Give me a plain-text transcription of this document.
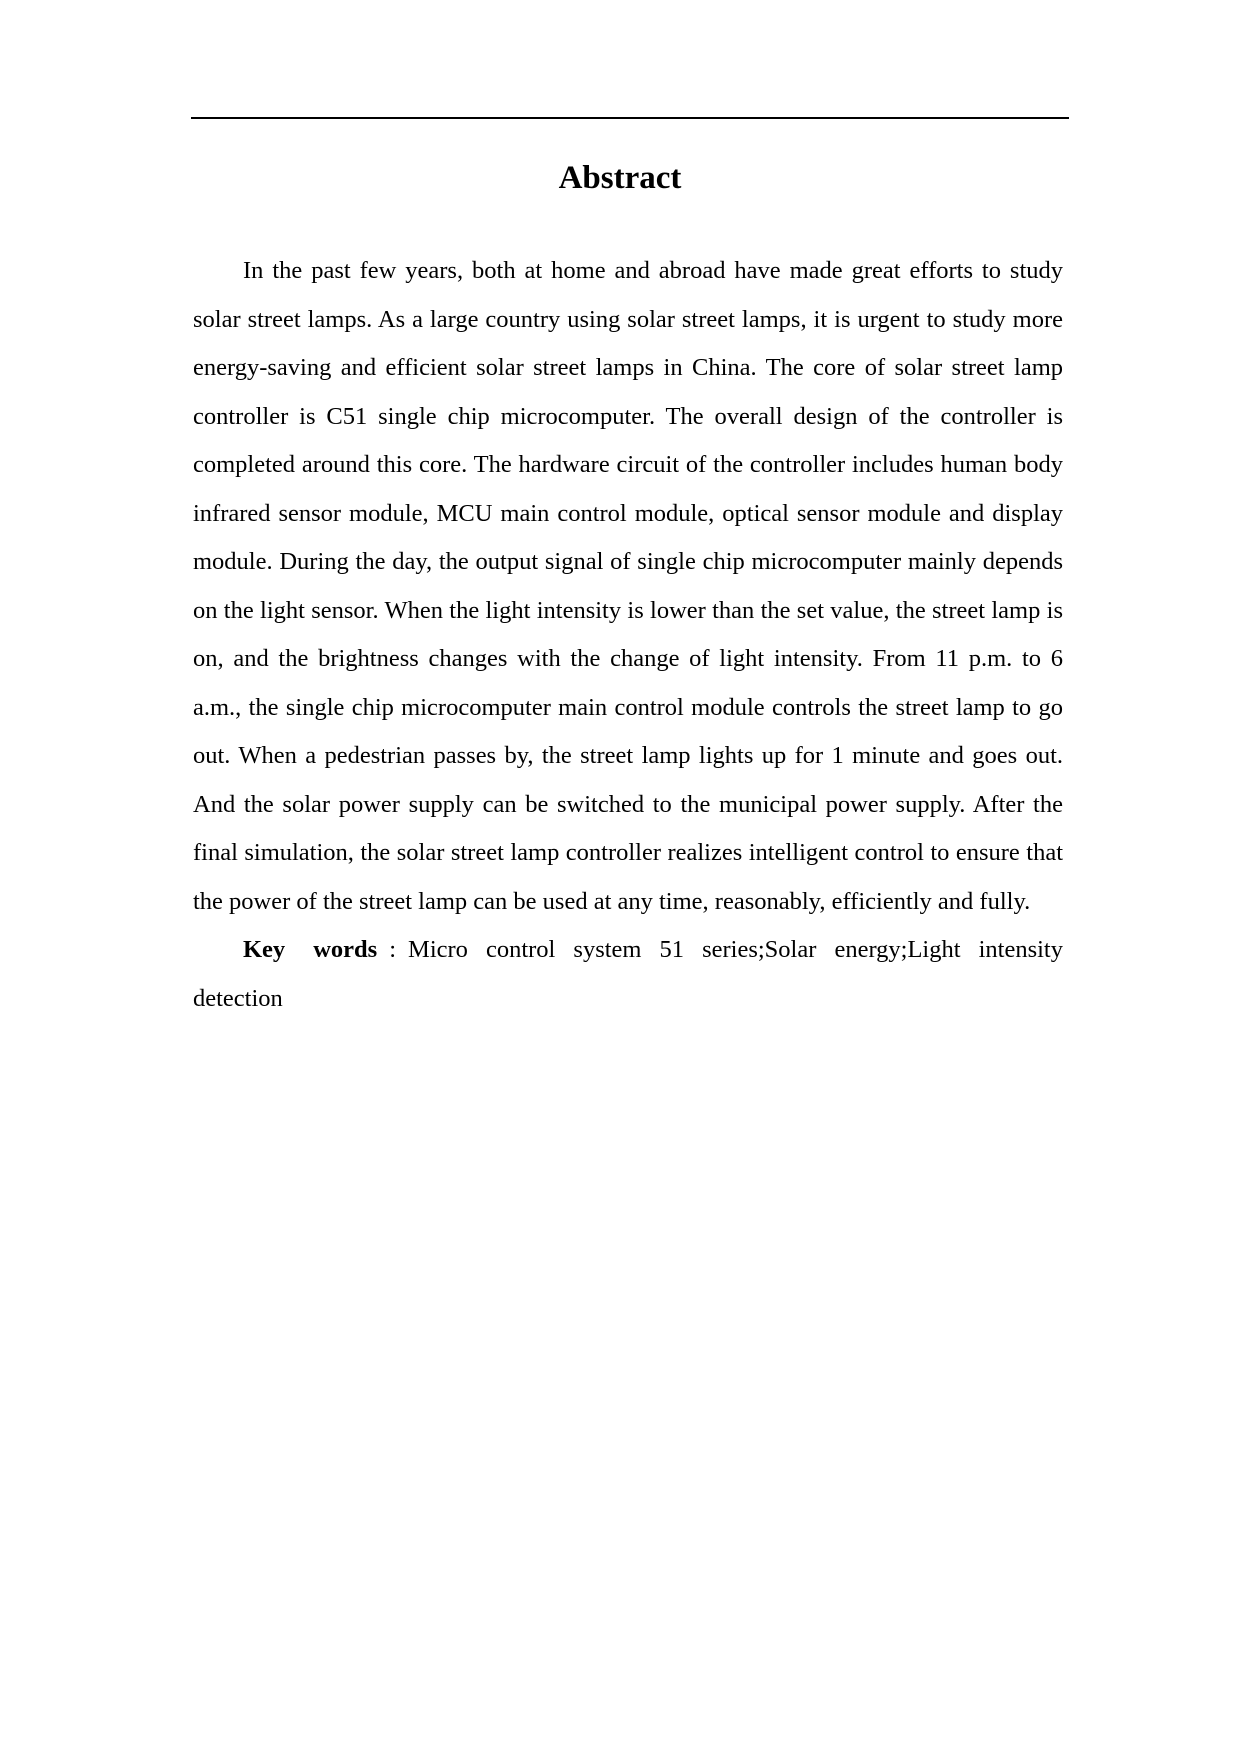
Abstract

In the past few years, both at home and abroad have made great efforts to study solar street lamps. As a large country using solar street lamps, it is urgent to study more energy-saving and efficient solar street lamps in China. The core of solar street lamp controller is C51 single chip microcomputer. The overall design of the controller is completed around this core. The hardware circuit of the controller includes human body infrared sensor module, MCU main control module, optical sensor module and display module. During the day, the output signal of single chip microcomputer mainly depends on the light sensor. When the light intensity is lower than the set value, the street lamp is on, and the brightness changes with the change of light intensity. From 11 p.m. to 6 a.m., the single chip microcomputer main control module controls the street lamp to go out. When a pedestrian passes by, the street lamp lights up for 1 minute and goes out. And the solar power supply can be switched to the municipal power supply. After the final simulation, the solar street lamp controller realizes intelligent control to ensure that the power of the street lamp can be used at any time, reasonably, efficiently and fully.

Key words : Micro control system 51 series;Solar energy;Light intensity detection
